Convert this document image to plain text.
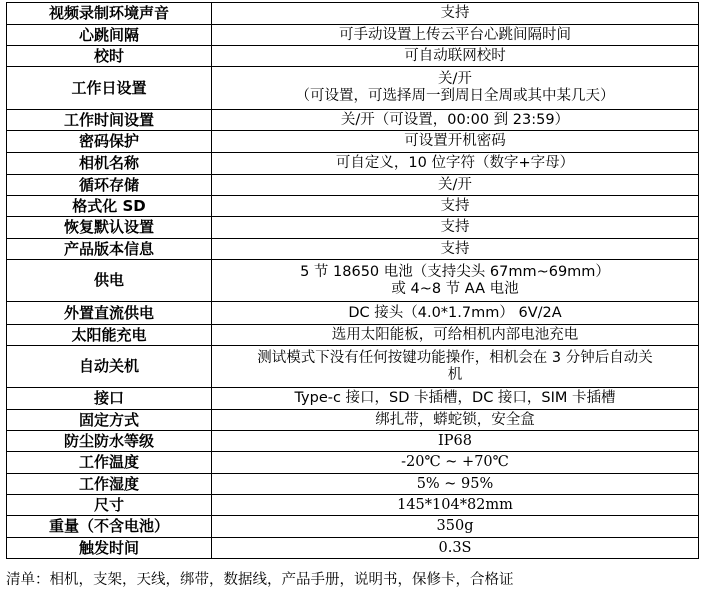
视频录制环境声音	支持
心跳间隔	可手动设置上传云平台心跳间隔时间
校时	可自动联网校时
工作日设置	关/开
（可设置，可选择周一到周日全周或其中某几天）

工作时间设置	关/开（可设置，00:00 到 23:59）
密码保护	可设置开机密码
相机名称	可自定义，10 位字符（数字+字母）
循环存储	关/开
格式化 SD	支持
恢复默认设置	支持
产品版本信息	支持
供电	5 节 18650 电池（支持尖头 67mm~69mm）
或 4~8 节 AA 电池

外置直流供电	DC 接头（4.0*1.7mm） 6V/2A
太阳能充电	选用太阳能板，可给相机内部电池充电
自动关机	测试模式下没有任何按键功能操作，相机会在 3 分钟后自动关
机

接口	Type-c 接口，SD 卡插槽，DC 接口，SIM 卡插槽
固定方式	绑扎带，蟒蛇锁，安全盒
防尘防水等级	IP68
工作温度	-20℃ ~ +70℃
工作湿度	5% ~ 95%
尺寸	145*104*82mm
重量（不含电池）	350g
触发时间	0.3S
清单：相机，支架，天线，绑带，数据线，产品手册，说明书，保修卡，合格证
